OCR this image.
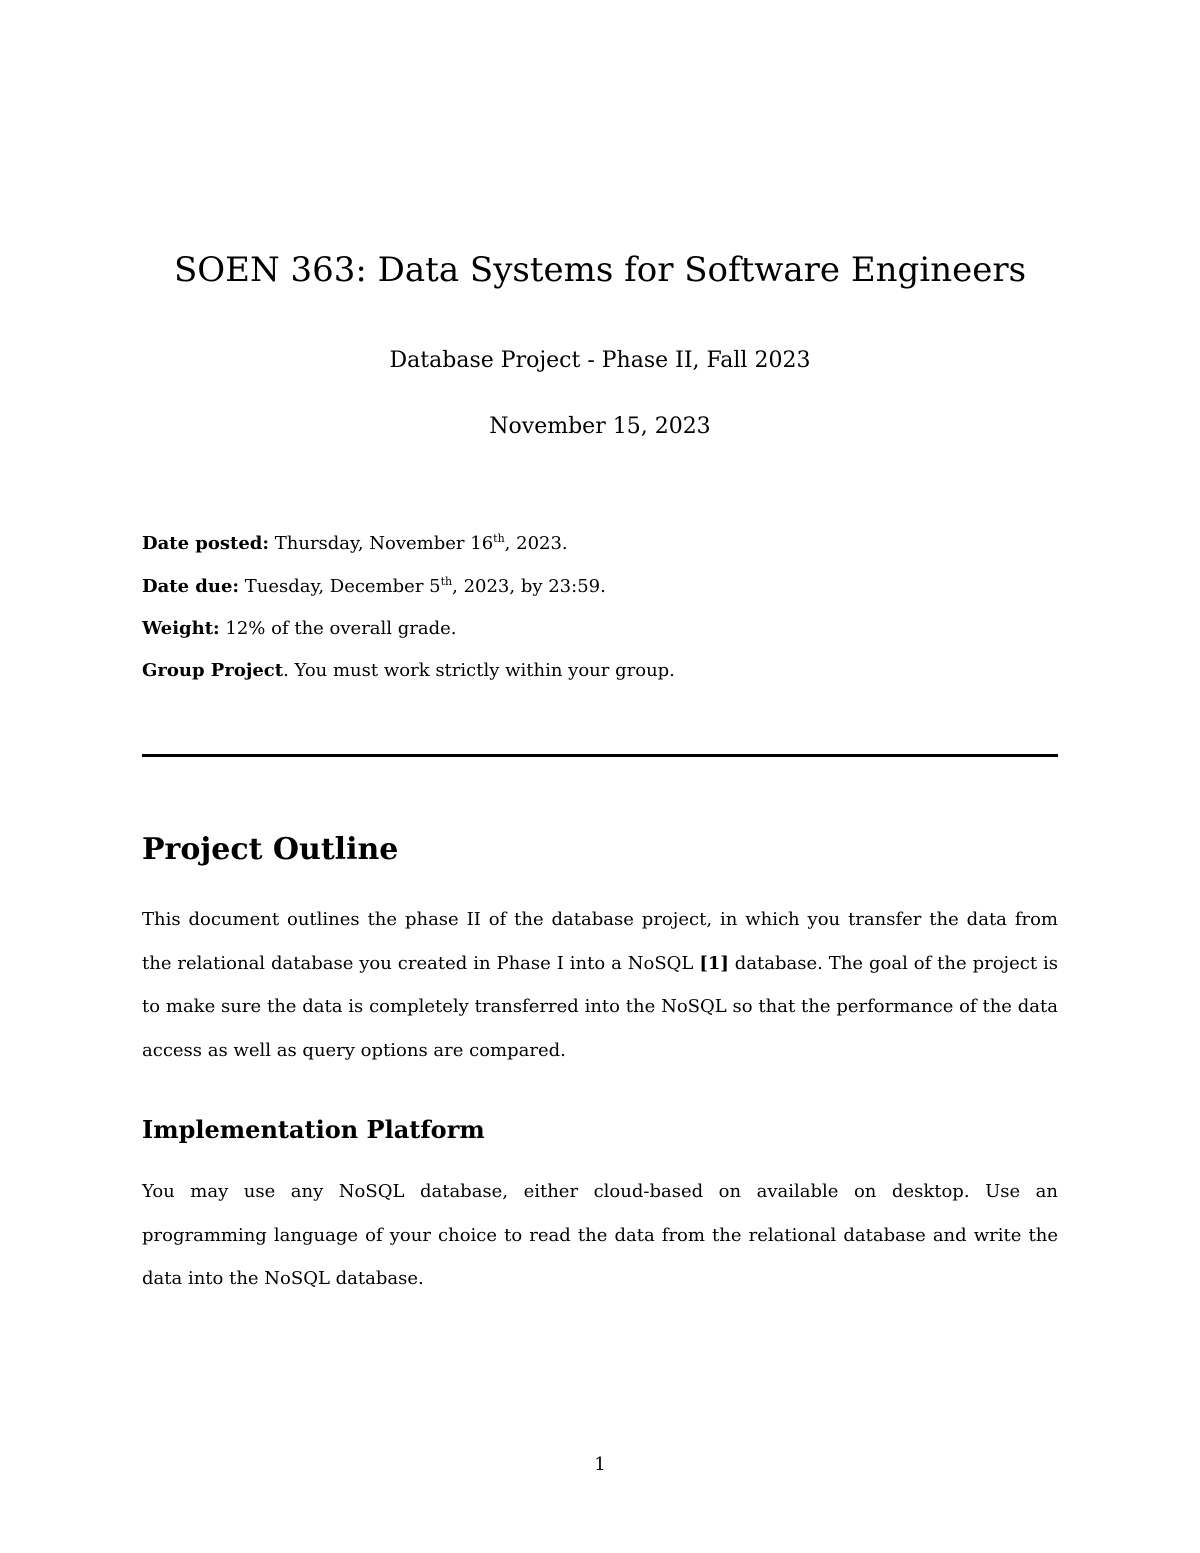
SOEN 363: Data Systems for Software Engineers

Database Project - Phase II, Fall 2023

November 15, 2023

Date posted: Thursday, November 16th, 2023.

Date due: Tuesday, December 5th, 2023, by 23:59.

Weight: 12% of the overall grade.

Group Project. You must work strictly within your group.

Project Outline

This document outlines the phase II of the database project, in which you transfer the data from the relational database you created in Phase I into a NoSQL [1] database. The goal of the project is to make sure the data is completely transferred into the NoSQL so that the performance of the data access as well as query options are compared.

Implementation Platform

You may use any NoSQL database, either cloud-based on available on desktop. Use an programming language of your choice to read the data from the relational database and write the data into the NoSQL database.

1
